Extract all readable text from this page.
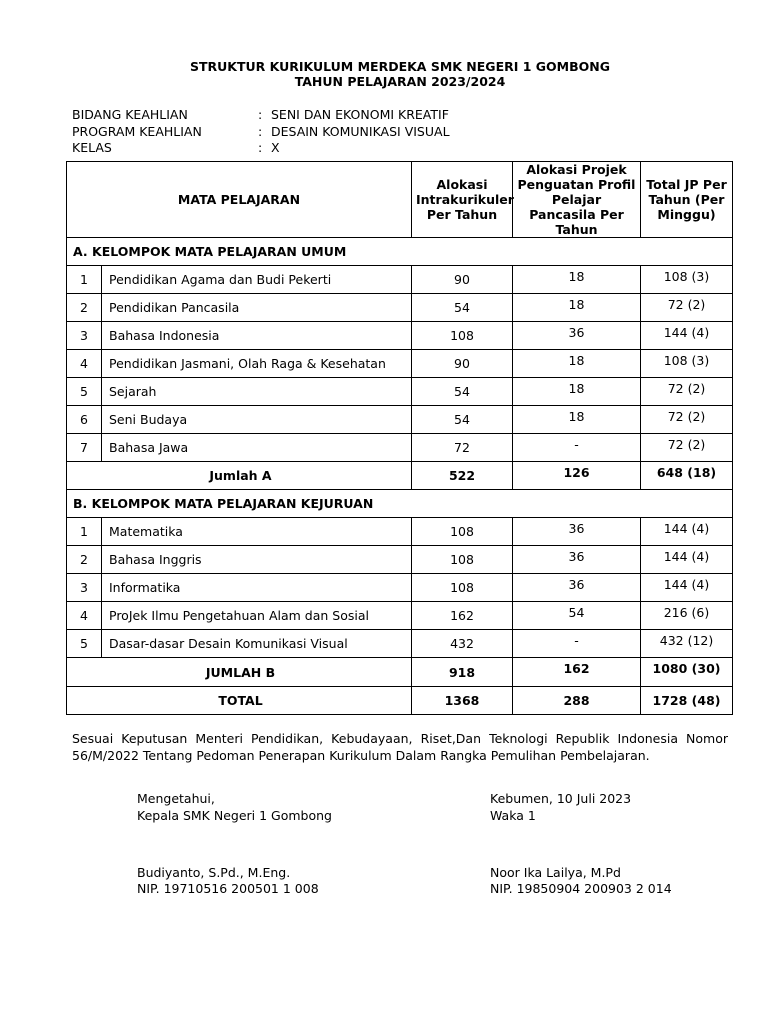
STRUKTUR KURIKULUM MERDEKA SMK NEGERI 1 GOMBONG
TAHUN PELAJARAN 2023/2024
BIDANG KEAHLIAN	: SENI DAN EKONOMI KREATIF
PROGRAM KEAHLIAN	: DESAIN KOMUNIKASI VISUAL
KELAS	: X
MATA PELAJARAN		Alokasi Intrakurikuler Per Tahun	Alokasi Projek Penguatan Profil Pelajar Pancasila Per Tahun	Total JP Per Tahun (Per Minggu)
A. KELOMPOK MATA PELAJARAN UMUM				
1	Pendidikan Agama dan Budi Pekerti	90	18	108 (3)
2	Pendidikan Pancasila	54	18	72 (2)
3	Bahasa Indonesia	108	36	144 (4)
4	Pendidikan Jasmani, Olah Raga & Kesehatan	90	18	108 (3)
5	Sejarah	54	18	72 (2)
6	Seni Budaya	54	18	72 (2)
7	Bahasa Jawa	72	-	72 (2)
Jumlah A		522	126	648 (18)
B. KELOMPOK MATA PELAJARAN KEJURUAN				
1	Matematika	108	36	144 (4)
2	Bahasa Inggris	108	36	144 (4)
3	Informatika	108	36	144 (4)
4	ProJek Ilmu Pengetahuan Alam dan Sosial	162	54	216 (6)
5	Dasar-dasar Desain Komunikasi Visual	432	-	432 (12)
JUMLAH B		918	162	1080 (30)
TOTAL		1368	288	1728 (48)
Sesuai Keputusan Menteri Pendidikan, Kebudayaan, Riset,Dan Teknologi Republik Indonesia Nomor 56/M/2022 Tentang Pedoman Penerapan Kurikulum Dalam Rangka Pemulihan Pembelajaran.
Mengetahui,
Kepala SMK Negeri 1 Gombong
Budiyanto, S.Pd., M.Eng.
NIP. 19710516 200501 1 008
Kebumen, 10 Juli 2023
Waka 1
Noor Ika Lailya, M.Pd
NIP. 19850904 200903 2 014
